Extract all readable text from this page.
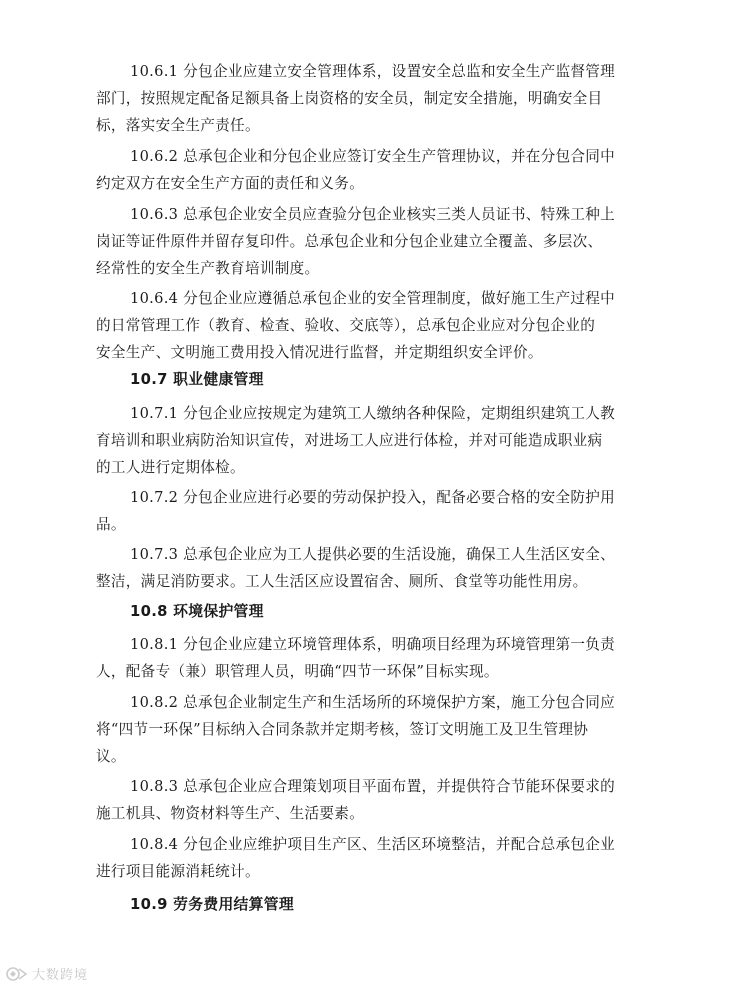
10.6.1 分包企业应建立安全管理体系，设置安全总监和安全生产监督管理
部门，按照规定配备足额具备上岗资格的安全员，制定安全措施，明确安全目
标，落实安全生产责任。
10.6.2 总承包企业和分包企业应签订安全生产管理协议，并在分包合同中
约定双方在安全生产方面的责任和义务。
10.6.3 总承包企业安全员应查验分包企业核实三类人员证书、特殊工种上
岗证等证件原件并留存复印件。总承包企业和分包企业建立全覆盖、多层次、
经常性的安全生产教育培训制度。
10.6.4 分包企业应遵循总承包企业的安全管理制度，做好施工生产过程中
的日常管理工作（教育、检查、验收、交底等），总承包企业应对分包企业的
安全生产、文明施工费用投入情况进行监督，并定期组织安全评价。
10.7 职业健康管理
10.7.1 分包企业应按规定为建筑工人缴纳各种保险，定期组织建筑工人教
育培训和职业病防治知识宣传，对进场工人应进行体检，并对可能造成职业病
的工人进行定期体检。
10.7.2 分包企业应进行必要的劳动保护投入，配备必要合格的安全防护用
品。
10.7.3 总承包企业应为工人提供必要的生活设施，确保工人生活区安全、
整洁，满足消防要求。工人生活区应设置宿舍、厕所、食堂等功能性用房。
10.8 环境保护管理
10.8.1 分包企业应建立环境管理体系，明确项目经理为环境管理第一负责
人，配备专（兼）职管理人员，明确“四节一环保”目标实现。
10.8.2 总承包企业制定生产和生活场所的环境保护方案，施工分包合同应
将“四节一环保”目标纳入合同条款并定期考核，签订文明施工及卫生管理协
议。
10.8.3 总承包企业应合理策划项目平面布置，并提供符合节能环保要求的
施工机具、物资材料等生产、生活要素。
10.8.4 分包企业应维护项目生产区、生活区环境整洁，并配合总承包企业
进行项目能源消耗统计。
10.9 劳务费用结算管理
大数跨境
